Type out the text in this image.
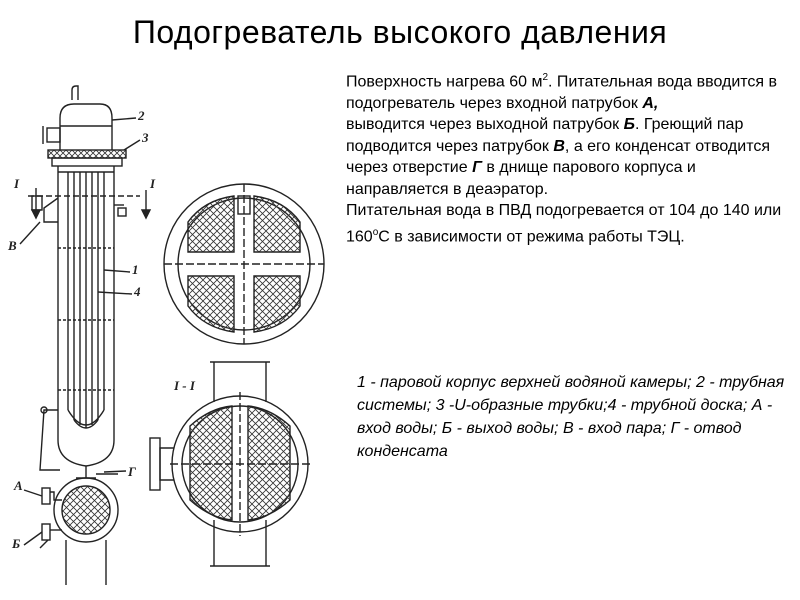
Подогреватель высокого давления

Поверхность нагрева 60 $м^2$. Питательная вода вводится в подогреватель через входной патрубок А,

выводится через выходной патрубок Б. Греющий пар подводится через патрубок В, а его конденсат отводится через отверстие Г в днище парового корпуса и направляется в деаэратор.

Питательная вода в ПВД подогревается от 104 до 140 или $160^оС$ в зависимости от режима работы ТЭЦ.

1 - паровой корпус верхней водяной камеры; 2 - трубная системы; 3 -U-образные трубки;4 - трубной доска; А - вход воды; Б - выход воды; В - вход пара; Г - отвод конденсата

2
3
1
4
I	I
В
Г
А
Б
I - I
